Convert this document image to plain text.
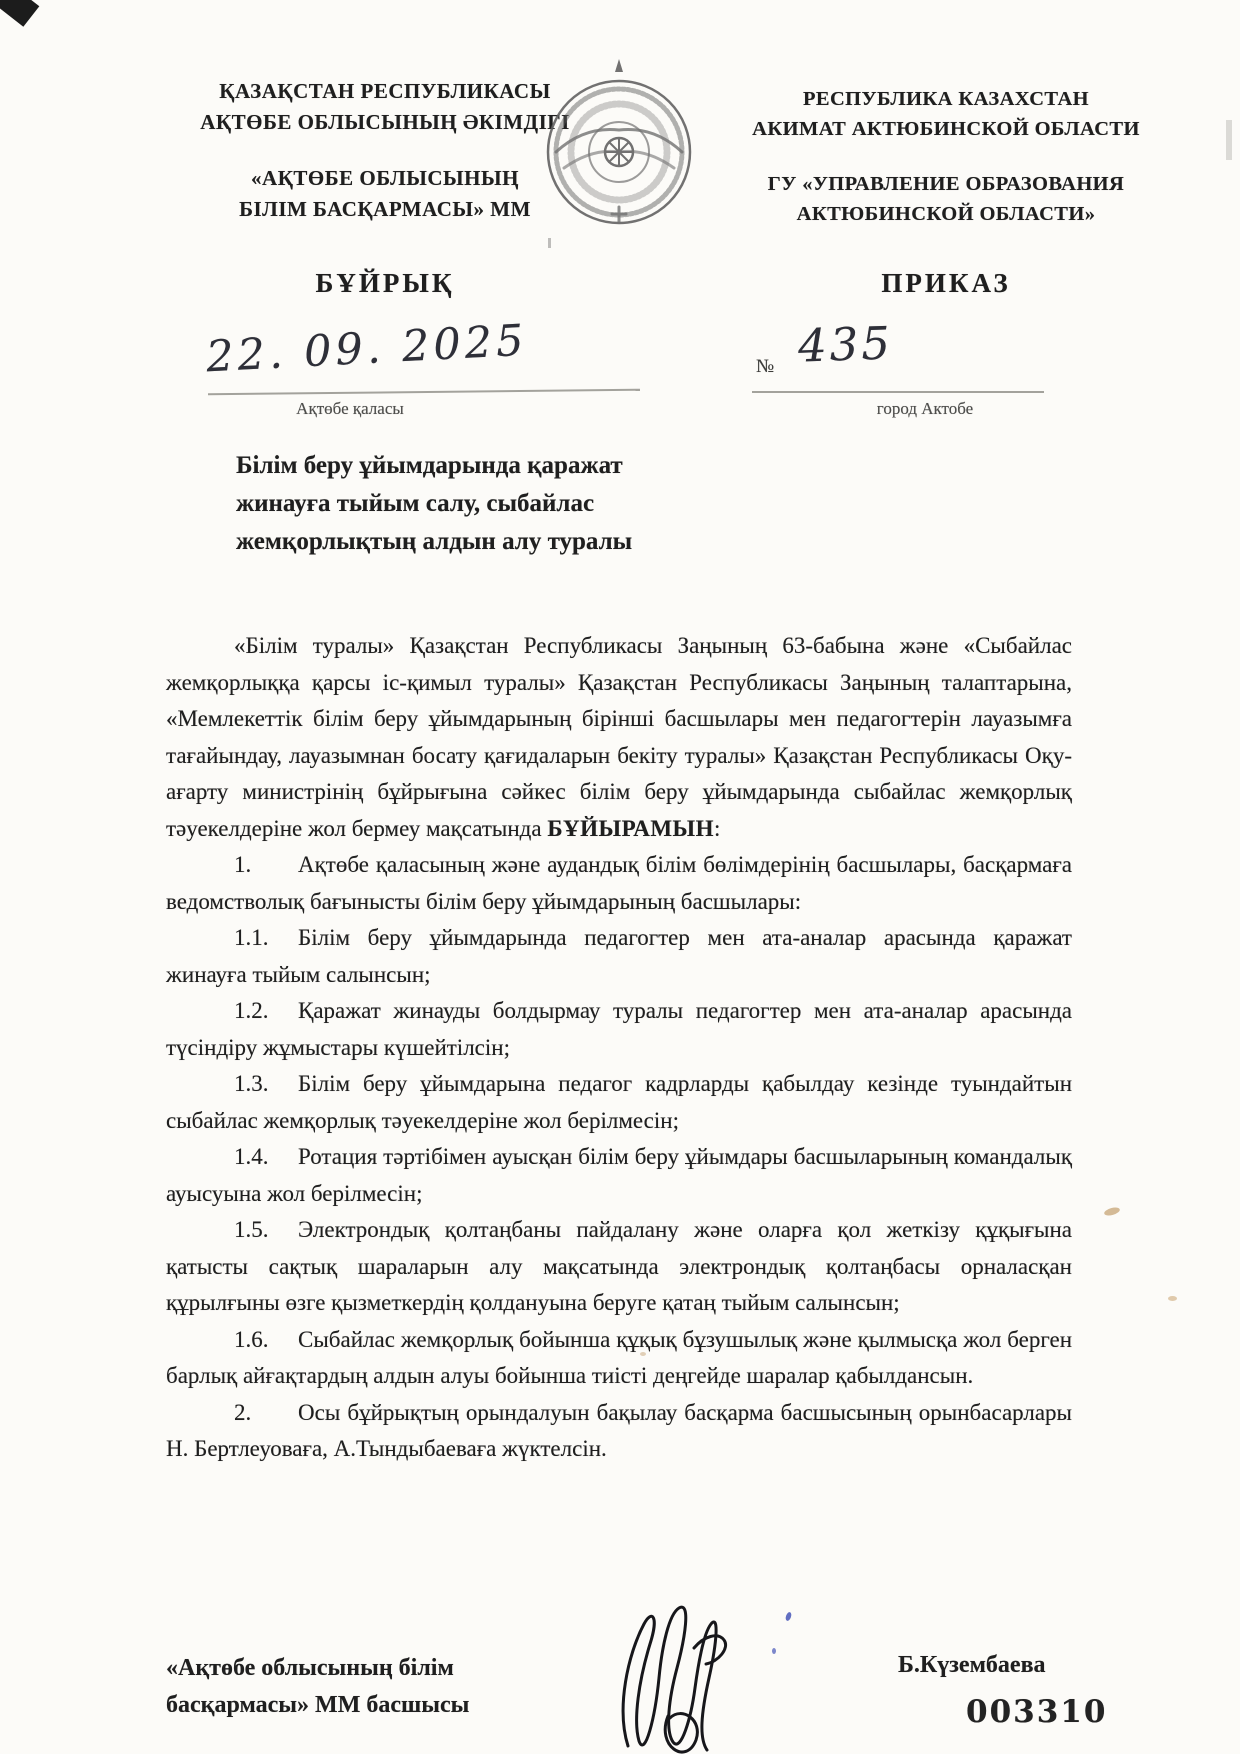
ҚАЗАҚСТАН РЕСПУБЛИКАСЫ
АҚТӨБЕ ОБЛЫСЫНЫҢ ӘКІМДІГІ
«АҚТӨБЕ ОБЛЫСЫНЫҢ
БІЛІМ БАСҚАРМАСЫ» ММ
РЕСПУБЛИКА КАЗАХСТАН
АКИМАТ АКТЮБИНСКОЙ ОБЛАСТИ
ГУ «УПРАВЛЕНИЕ ОБРАЗОВАНИЯ
АКТЮБИНСКОЙ ОБЛАСТИ»
БҰЙРЫҚ	ПРИКАЗ
22. 09. 2025
Ақтөбе қаласы
№ 435
город Актобе
Білім беру ұйымдарында қаражат
жинауға тыйым салу, сыбайлас
жемқорлықтың алдын алу туралы

«Білім туралы» Қазақстан Республикасы Заңының 63-бабына және «Сыбайлас жемқорлыққа қарсы іс-қимыл туралы» Қазақстан Республикасы Заңының талаптарына, «Мемлекеттік білім беру ұйымдарының бірінші басшылары мен педагогтерін лауазымға тағайындау, лауазымнан босату қағидаларын бекіту туралы» Қазақстан Республикасы Оқу-ағарту министрінің бұйрығына сәйкес білім беру ұйымдарында сыбайлас жемқорлық тәуекелдеріне жол бермеу мақсатында БҰЙЫРАМЫН:

1. Ақтөбе қаласының және аудандық білім бөлімдерінің басшылары, басқармаға ведомстволық бағынысты білім беру ұйымдарының басшылары:

1.1. Білім беру ұйымдарында педагогтер мен ата-аналар арасында қаражат жинауға тыйым салынсын;

1.2. Қаражат жинауды болдырмау туралы педагогтер мен ата-аналар арасында түсіндіру жұмыстары күшейтілсін;

1.3. Білім беру ұйымдарына педагог кадрларды қабылдау кезінде туындайтын сыбайлас жемқорлық тәуекелдеріне жол берілмесін;

1.4. Ротация тәртібімен ауысқан білім беру ұйымдары басшыларының командалық ауысуына жол берілмесін;

1.5. Электрондық қолтаңбаны пайдалану және оларға қол жеткізу құқығына қатысты сақтық шараларын алу мақсатында электрондық қолтаңбасы орналасқан құрылғыны өзге қызметкердің қолдануына беруге қатаң тыйым салынсын;

1.6. Сыбайлас жемқорлық бойынша құқық бұзушылық және қылмысқа жол берген барлық айғақтардың алдын алуы бойынша тиісті деңгейде шаралар қабылдансын.

2. Осы бұйрықтың орындалуын бақылау басқарма басшысының орынбасарлары Н. Бертлеуоваға, А.Тындыбаеваға жүктелсін.

«Ақтөбе облысының білім басқармасы» ММ басшысы
Б.Күзембаева
003310
